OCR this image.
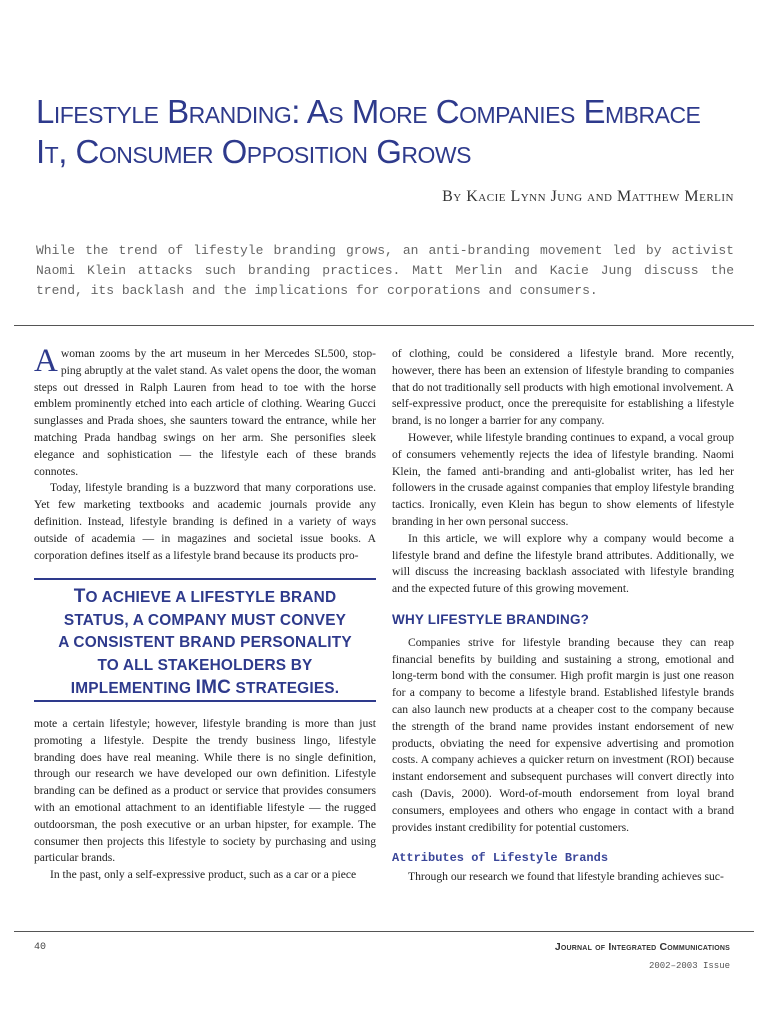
Lifestyle Branding: As More Companies Embrace It, Consumer Opposition Grows

By Kacie Lynn Jung and Matthew Merlin

While the trend of lifestyle branding grows, an anti-branding movement led by activist Naomi Klein attacks such branding practices. Matt Merlin and Kacie Jung discuss the trend, its backlash and the implications for corporations and consumers.

Awoman zooms by the art museum in her Mercedes SL500, stop-ping abruptly at the valet stand. As valet opens the door, the woman steps out dressed in Ralph Lauren from head to toe with the horse emblem prominently etched into each article of clothing. Wearing Gucci sunglasses and Prada shoes, she saunters toward the entrance, while her matching Prada handbag swings on her arm. She personifies sleek elegance and sophistication — the lifestyle each of these brands connotes.

Today, lifestyle branding is a buzzword that many corporations use. Yet few marketing textbooks and academic journals provide any definition. Instead, lifestyle branding is defined in a variety of ways outside of academia — in magazines and societal issue books. A corporation defines itself as a lifestyle brand because its products pro-

TO ACHIEVE A LIFESTYLE BRAND
STATUS, A COMPANY MUST CONVEY
A CONSISTENT BRAND PERSONALITY
TO ALL STAKEHOLDERS BY
IMPLEMENTING IMC STRATEGIES.

mote a certain lifestyle; however, lifestyle branding is more than just promoting a lifestyle. Despite the trendy business lingo, lifestyle branding does have real meaning. While there is no single definition, through our research we have developed our own definition. Lifestyle branding can be defined as a product or service that provides consumers with an emotional attachment to an identifiable lifestyle — the rugged outdoorsman, the posh executive or an urban hipster, for example. The consumer then projects this lifestyle to society by purchasing and using particular brands.

In the past, only a self-expressive product, such as a car or a piece

of clothing, could be considered a lifestyle brand. More recently, however, there has been an extension of lifestyle branding to companies that do not traditionally sell products with high emotional involvement. A self-expressive product, once the prerequisite for establishing a lifestyle brand, is no longer a barrier for any company.

However, while lifestyle branding continues to expand, a vocal group of consumers vehemently rejects the idea of lifestyle branding. Naomi Klein, the famed anti-branding and anti-globalist writer, has led her followers in the crusade against companies that employ lifestyle branding tactics. Ironically, even Klein has begun to show elements of lifestyle branding in her own personal success.

In this article, we will explore why a company would become a lifestyle brand and define the lifestyle brand attributes. Additionally, we will discuss the increasing backlash associated with lifestyle branding and the expected future of this growing movement.

WHY LIFESTYLE BRANDING?

Companies strive for lifestyle branding because they can reap financial benefits by building and sustaining a strong, emotional and long-term bond with the consumer. High profit margin is just one reason for a company to become a lifestyle brand. Established lifestyle brands can also launch new products at a cheaper cost to the company because the strength of the brand name provides instant endorsement of new products, obviating the need for expensive advertising and promotion costs. A company achieves a quicker return on investment (ROI) because instant endorsement and subsequent purchases will convert directly into cash (Davis, 2000). Word-of-mouth endorsement from loyal brand consumers, employees and others who engage in contact with a brand provides instant credibility for potential customers.

Attributes of Lifestyle Brands

Through our research we found that lifestyle branding achieves suc-

40	Journal of Integrated Communications
2002–2003 Issue
